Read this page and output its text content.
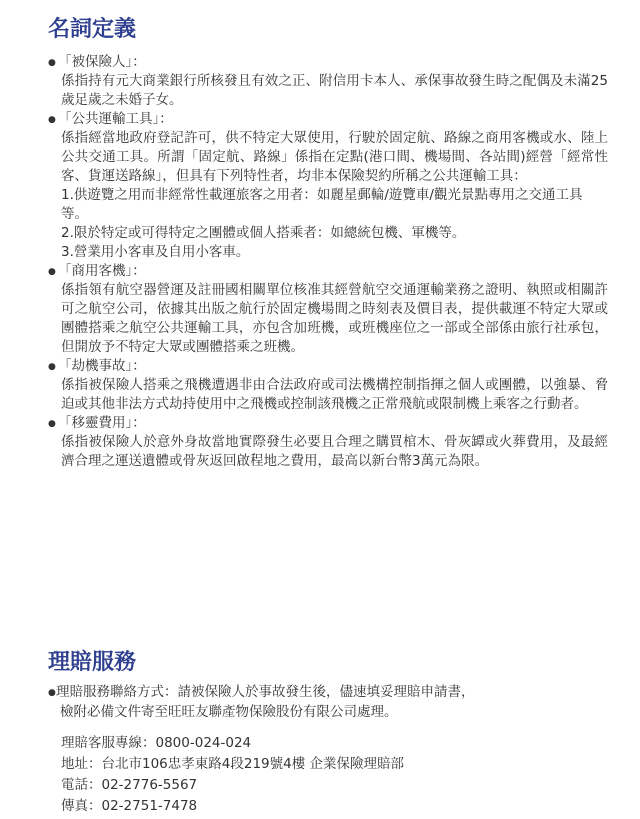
名詞定義
● 「被保險人」：
係指持有元大商業銀行所核發且有效之正、附信用卡本人、承保事故發生時之配偶及未滿25歲足歲之未婚子女。
● 「公共運輸工具」：
係指經當地政府登記許可，供不特定大眾使用，行駛於固定航、路線之商用客機或水、陸上公共交通工具。所謂「固定航、路線」係指在定點(港口間、機場間、各站間)經營「經常性客、貨運送路線」，但具有下列特性者，均非本保險契約所稱之公共運輸工具：
1.供遊覽之用而非經常性載運旅客之用者：如麗星郵輪/遊覽車/觀光景點專用之交通工具等。
2.限於特定或可得特定之團體或個人搭乘者：如總統包機、軍機等。
3.營業用小客車及自用小客車。
● 「商用客機」：
係指領有航空器營運及註冊國相關單位核准其經營航空交通運輸業務之證明、執照或相關許可之航空公司，依據其出版之航行於固定機場間之時刻表及價目表，提供載運不特定大眾或團體搭乘之航空公共運輸工具，亦包含加班機，或班機座位之一部或全部係由旅行社承包，但開放予不特定大眾或團體搭乘之班機。
● 「劫機事故」：
係指被保險人搭乘之飛機遭遇非由合法政府或司法機構控制指揮之個人或團體，以強暴、脅迫或其他非法方式劫持使用中之飛機或控制該飛機之正常飛航或限制機上乘客之行動者。
● 「移靈費用」：
係指被保險人於意外身故當地實際發生必要且合理之購買棺木、骨灰罈或火葬費用，及最經濟合理之運送遺體或骨灰返回啟程地之費用，最高以新台幣3萬元為限。
理賠服務
●理賠服務聯絡方式：請被保險人於事故發生後，儘速填妥理賠申請書，
檢附必備文件寄至旺旺友聯產物保險股份有限公司處理。
理賠客服專線：0800-024-024
地址：台北市106忠孝東路4段219號4樓 企業保險理賠部
電話：02-2776-5567
傳真：02-2751-7478
